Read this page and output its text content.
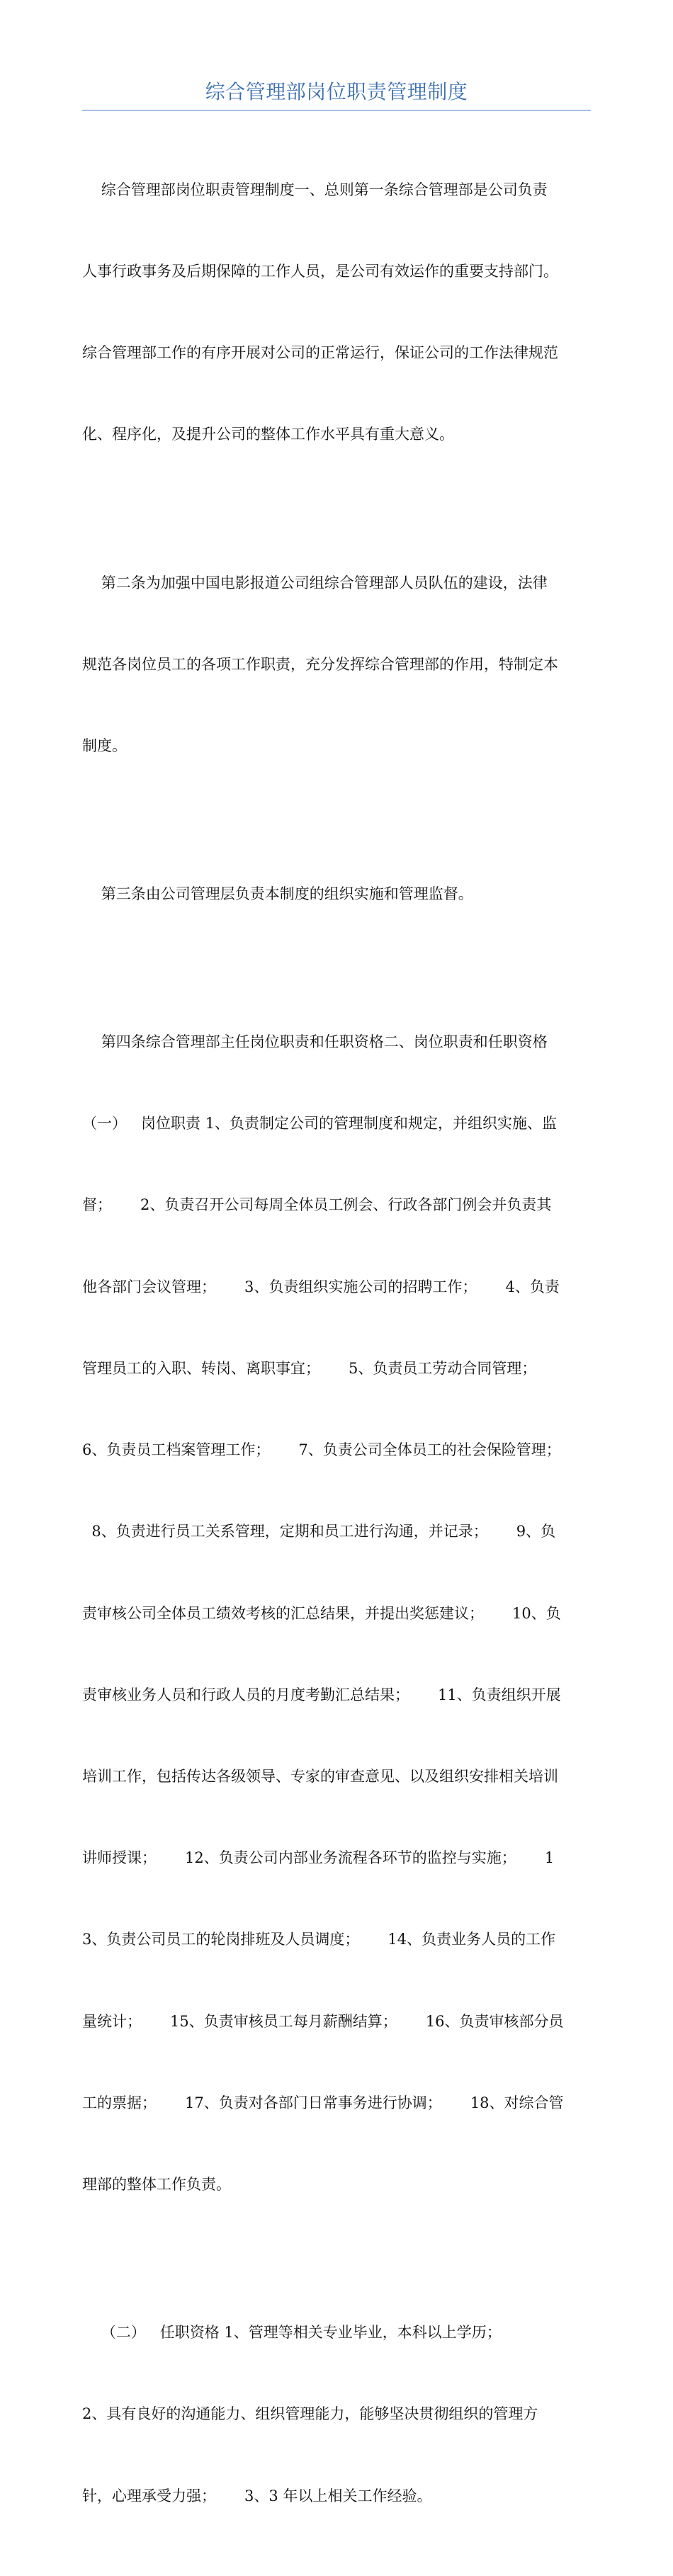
综合管理部岗位职责管理制度

综合管理部岗位职责管理制度一、总则第一条综合管理部是公司负责

人事行政事务及后期保障的工作人员，是公司有效运作的重要支持部门。

综合管理部工作的有序开展对公司的正常运行，保证公司的工作法律规范

化、程序化，及提升公司的整体工作水平具有重大意义。

第二条为加强中国电影报道公司组综合管理部人员队伍的建设，法律

规范各岗位员工的各项工作职责，充分发挥综合管理部的作用，特制定本

制度。

第三条由公司管理层负责本制度的组织实施和管理监督。

第四条综合管理部主任岗位职责和任职资格二、岗位职责和任职资格

（一）   岗位职责 1、负责制定公司的管理制度和规定，并组织实施、监

督；      2、负责召开公司每周全体员工例会、行政各部门例会并负责其

他各部门会议管理；      3、负责组织实施公司的招聘工作；      4、负责

管理员工的入职、转岗、离职事宜；      5、负责员工劳动合同管理；

6、负责员工档案管理工作；      7、负责公司全体员工的社会保险管理；

8、负责进行员工关系管理，定期和员工进行沟通，并记录；      9、负

责审核公司全体员工绩效考核的汇总结果，并提出奖惩建议；      10、负

责审核业务人员和行政人员的月度考勤汇总结果；      11、负责组织开展

培训工作，包括传达各级领导、专家的审查意见、以及组织安排相关培训

讲师授课；      12、负责公司内部业务流程各环节的监控与实施；      1

3、负责公司员工的轮岗排班及人员调度；      14、负责业务人员的工作

量统计；      15、负责审核员工每月薪酬结算；      16、负责审核部分员

工的票据；      17、负责对各部门日常事务进行协调；      18、对综合管

理部的整体工作负责。

（二）   任职资格 1、管理等相关专业毕业，本科以上学历；

2、具有良好的沟通能力、组织管理能力，能够坚决贯彻组织的管理方

针，心理承受力强；      3、3 年以上相关工作经验。
